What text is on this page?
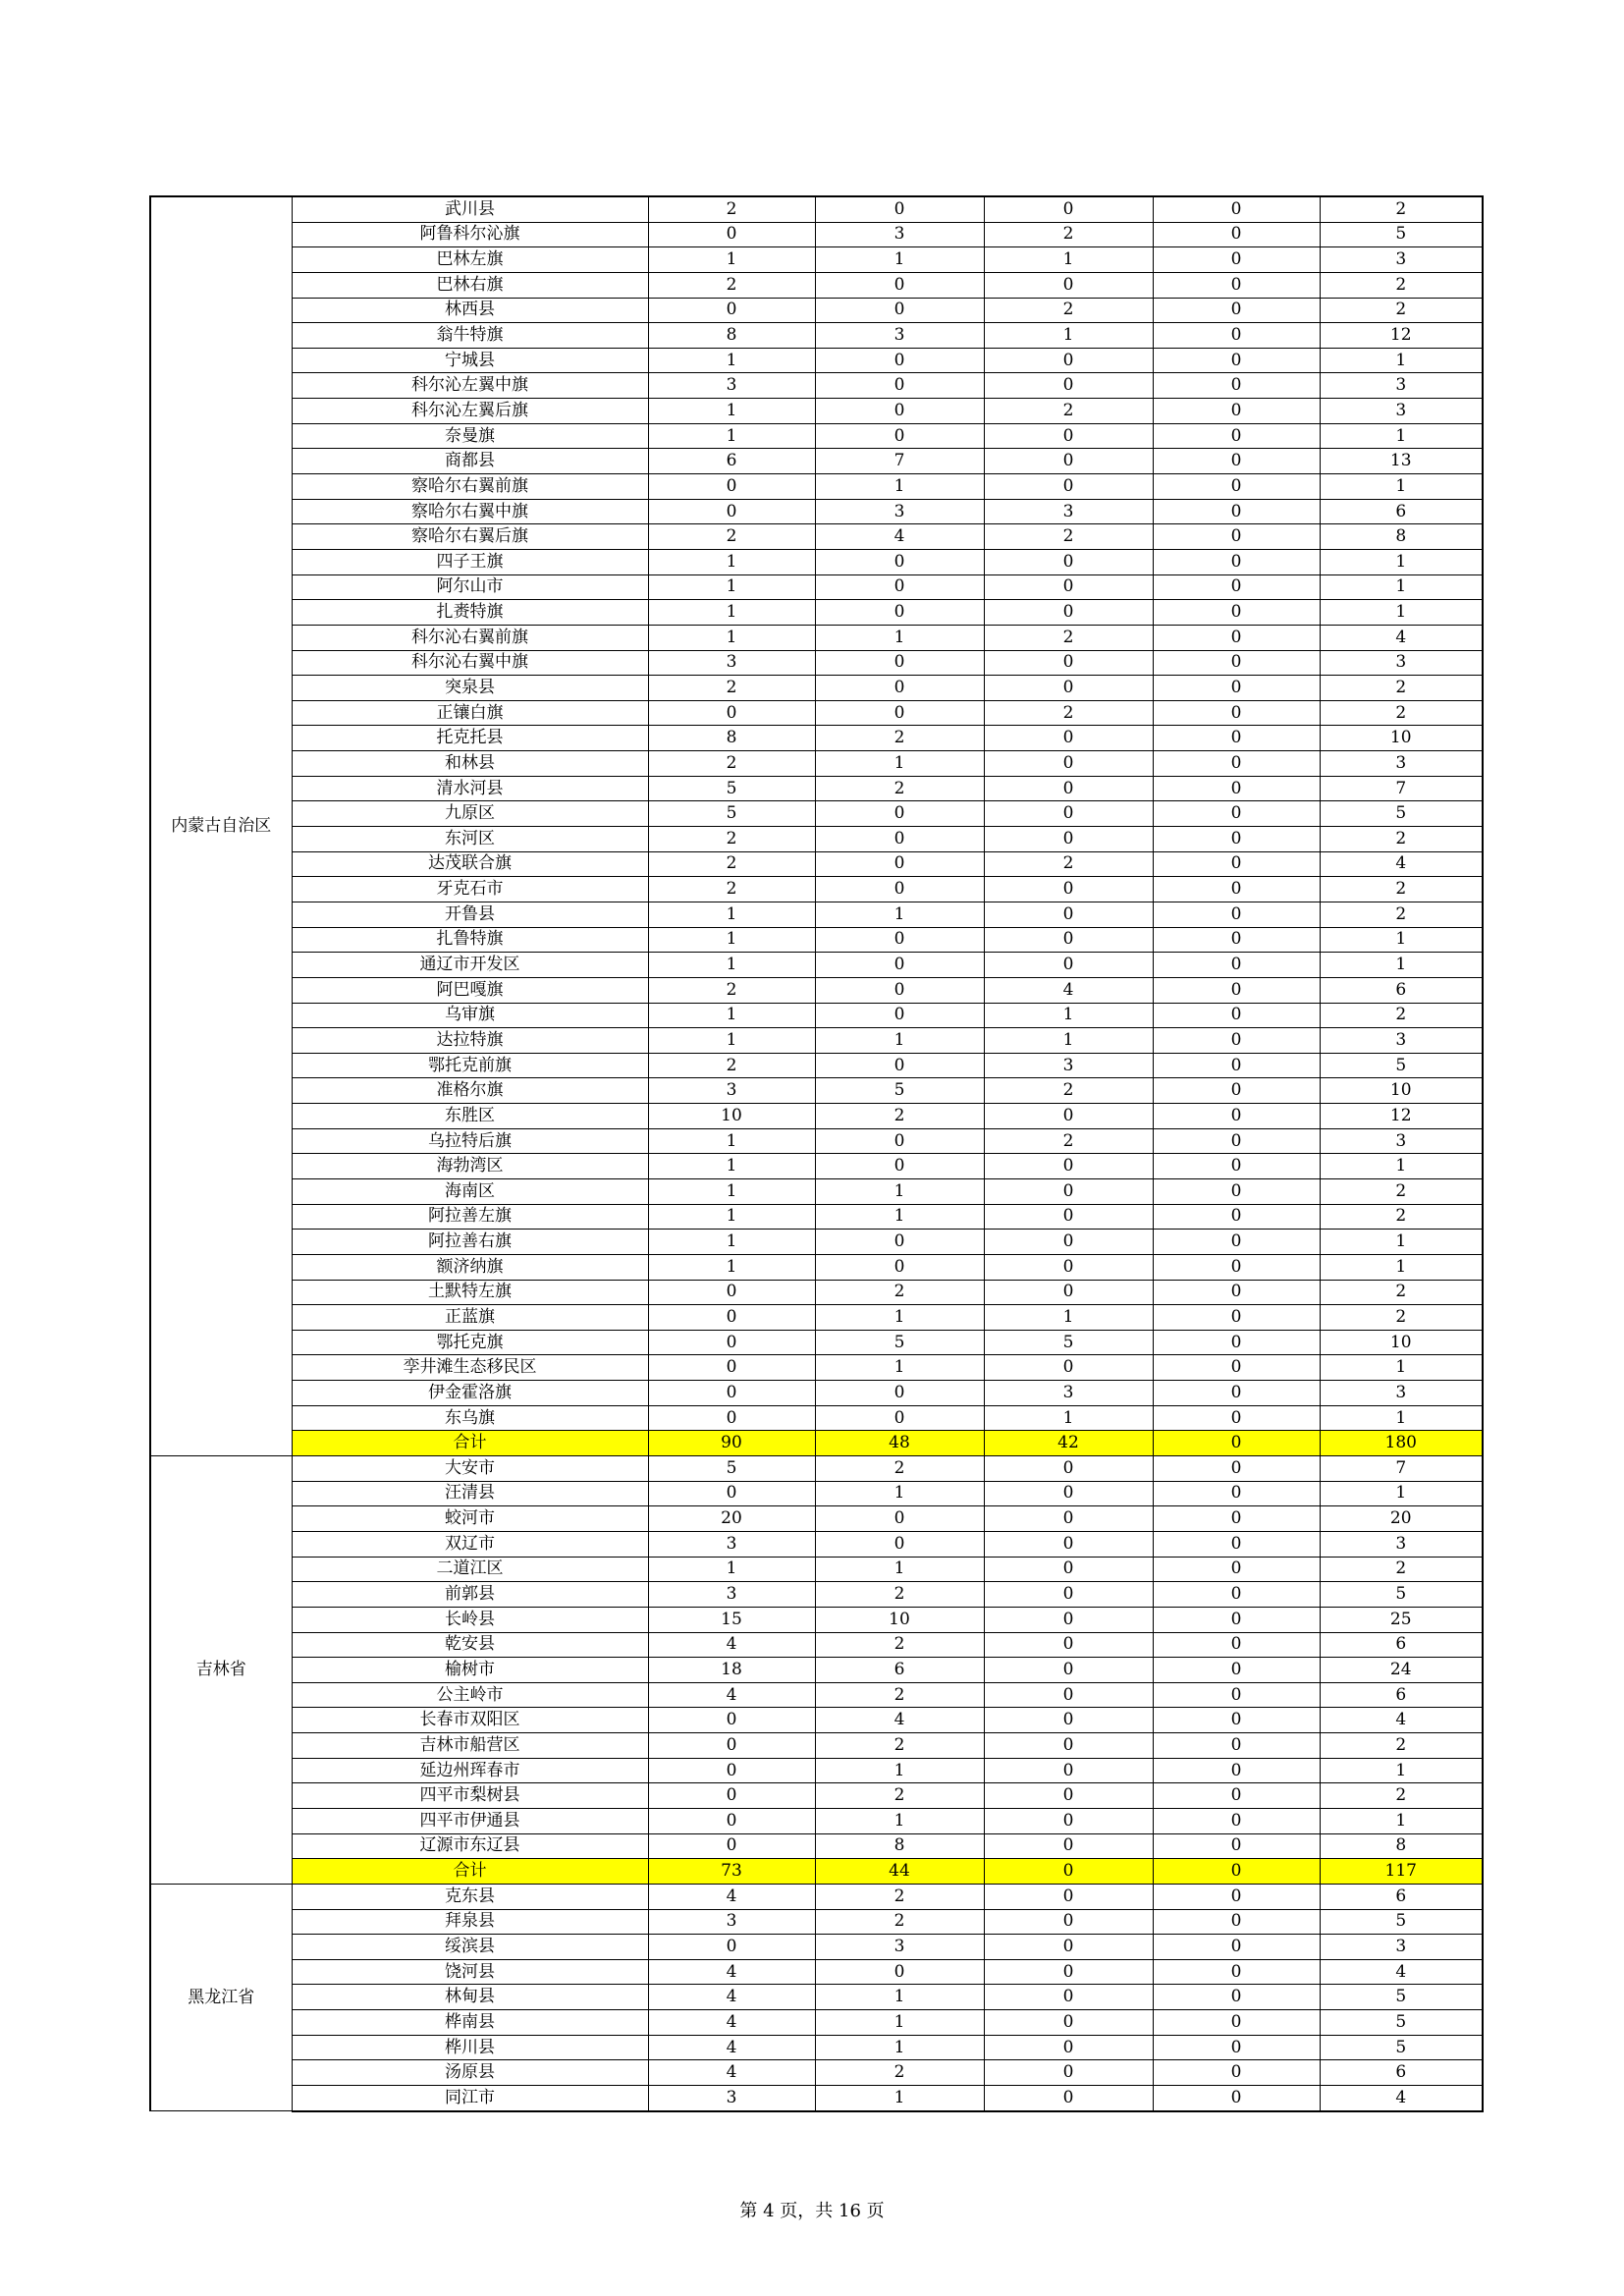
内蒙古自治区	武川县	2	0	0	0	2
	阿鲁科尔沁旗	0	3	2	0	5
	巴林左旗	1	1	1	0	3
	巴林右旗	2	0	0	0	2
	林西县	0	0	2	0	2
	翁牛特旗	8	3	1	0	12
	宁城县	1	0	0	0	1
	科尔沁左翼中旗	3	0	0	0	3
	科尔沁左翼后旗	1	0	2	0	3
	奈曼旗	1	0	0	0	1
	商都县	6	7	0	0	13
	察哈尔右翼前旗	0	1	0	0	1
	察哈尔右翼中旗	0	3	3	0	6
	察哈尔右翼后旗	2	4	2	0	8
	四子王旗	1	0	0	0	1
	阿尔山市	1	0	0	0	1
	扎赉特旗	1	0	0	0	1
	科尔沁右翼前旗	1	1	2	0	4
	科尔沁右翼中旗	3	0	0	0	3
	突泉县	2	0	0	0	2
	正镶白旗	0	0	2	0	2
	托克托县	8	2	0	0	10
	和林县	2	1	0	0	3
	清水河县	5	2	0	0	7
	九原区	5	0	0	0	5
	东河区	2	0	0	0	2
	达茂联合旗	2	0	2	0	4
	牙克石市	2	0	0	0	2
	开鲁县	1	1	0	0	2
	扎鲁特旗	1	0	0	0	1
	通辽市开发区	1	0	0	0	1
	阿巴嘎旗	2	0	4	0	6
	乌审旗	1	0	1	0	2
	达拉特旗	1	1	1	0	3
	鄂托克前旗	2	0	3	0	5
	准格尔旗	3	5	2	0	10
	东胜区	10	2	0	0	12
	乌拉特后旗	1	0	2	0	3
	海勃湾区	1	0	0	0	1
	海南区	1	1	0	0	2
	阿拉善左旗	1	1	0	0	2
	阿拉善右旗	1	0	0	0	1
	额济纳旗	1	0	0	0	1
	土默特左旗	0	2	0	0	2
	正蓝旗	0	1	1	0	2
	鄂托克旗	0	5	5	0	10
	孪井滩生态移民区	0	1	0	0	1
	伊金霍洛旗	0	0	3	0	3
	东乌旗	0	0	1	0	1
	合计	90	48	42	0	180
吉林省	大安市	5	2	0	0	7
	汪清县	0	1	0	0	1
	蛟河市	20	0	0	0	20
	双辽市	3	0	0	0	3
	二道江区	1	1	0	0	2
	前郭县	3	2	0	0	5
	长岭县	15	10	0	0	25
	乾安县	4	2	0	0	6
	榆树市	18	6	0	0	24
	公主岭市	4	2	0	0	6
	长春市双阳区	0	4	0	0	4
	吉林市船营区	0	2	0	0	2
	延边州珲春市	0	1	0	0	1
	四平市梨树县	0	2	0	0	2
	四平市伊通县	0	1	0	0	1
	辽源市东辽县	0	8	0	0	8
	合计	73	44	0	0	117
黑龙江省	克东县	4	2	0	0	6
	拜泉县	3	2	0	0	5
	绥滨县	0	3	0	0	3
	饶河县	4	0	0	0	4
	林甸县	4	1	0	0	5
	桦南县	4	1	0	0	5
	桦川县	4	1	0	0	5
	汤原县	4	2	0	0	6
	同江市	3	1	0	0	4
第 4 页，共 16 页
